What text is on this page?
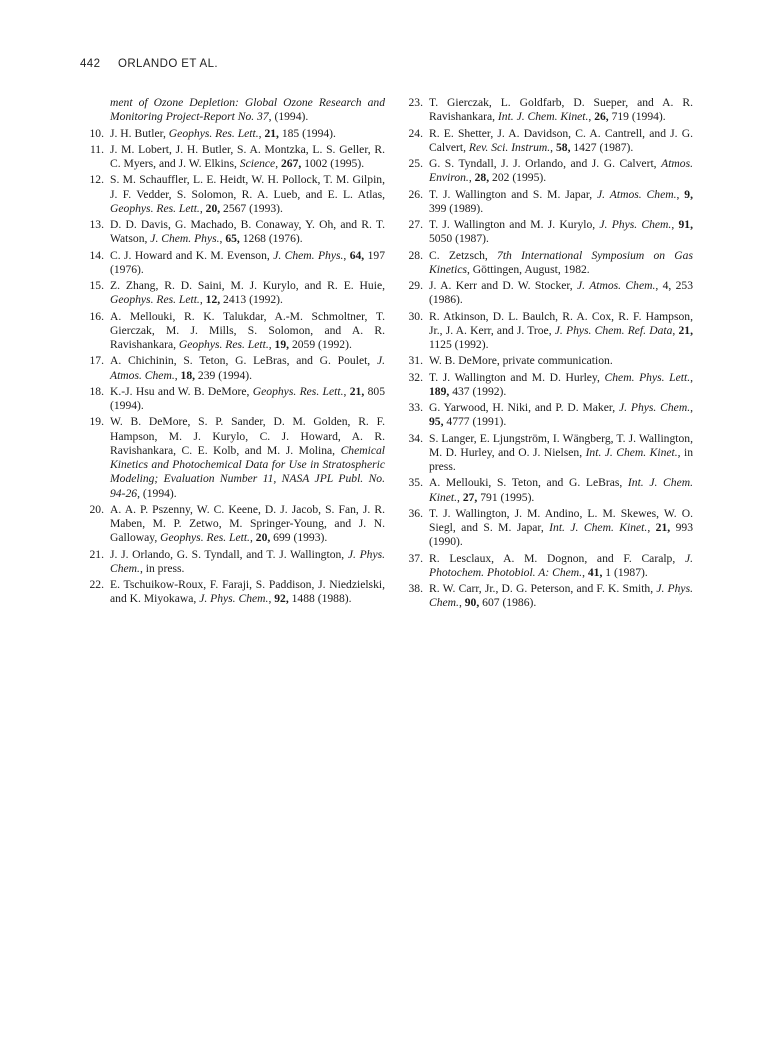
442 ORLANDO ET AL.
ment of Ozone Depletion: Global Ozone Research and Monitoring Project-Report No. 37, (1994).
10. J. H. Butler, Geophys. Res. Lett., 21, 185 (1994).
11. J. M. Lobert, J. H. Butler, S. A. Montzka, L. S. Geller, R. C. Myers, and J. W. Elkins, Science, 267, 1002 (1995).
12. S. M. Schauffler, L. E. Heidt, W. H. Pollock, T. M. Gilpin, J. F. Vedder, S. Solomon, R. A. Lueb, and E. L. Atlas, Geophys. Res. Lett., 20, 2567 (1993).
13. D. D. Davis, G. Machado, B. Conaway, Y. Oh, and R. T. Watson, J. Chem. Phys., 65, 1268 (1976).
14. C. J. Howard and K. M. Evenson, J. Chem. Phys., 64, 197 (1976).
15. Z. Zhang, R. D. Saini, M. J. Kurylo, and R. E. Huie, Geophys. Res. Lett., 12, 2413 (1992).
16. A. Mellouki, R. K. Talukdar, A.-M. Schmoltner, T. Gierczak, M. J. Mills, S. Solomon, and A. R. Ravishankara, Geophys. Res. Lett., 19, 2059 (1992).
17. A. Chichinin, S. Teton, G. LeBras, and G. Poulet, J. Atmos. Chem., 18, 239 (1994).
18. K.-J. Hsu and W. B. DeMore, Geophys. Res. Lett., 21, 805 (1994).
19. W. B. DeMore, S. P. Sander, D. M. Golden, R. F. Hampson, M. J. Kurylo, C. J. Howard, A. R. Ravishankara, C. E. Kolb, and M. J. Molina, Chemical Kinetics and Photochemical Data for Use in Stratospheric Modeling; Evaluation Number 11, NASA JPL Publ. No. 94-26, (1994).
20. A. A. P. Pszenny, W. C. Keene, D. J. Jacob, S. Fan, J. R. Maben, M. P. Zetwo, M. Springer-Young, and J. N. Galloway, Geophys. Res. Lett., 20, 699 (1993).
21. J. J. Orlando, G. S. Tyndall, and T. J. Wallington, J. Phys. Chem., in press.
22. E. Tschuikow-Roux, F. Faraji, S. Paddison, J. Niedzielski, and K. Miyokawa, J. Phys. Chem., 92, 1488 (1988).
23. T. Gierczak, L. Goldfarb, D. Sueper, and A. R. Ravishankara, Int. J. Chem. Kinet., 26, 719 (1994).
24. R. E. Shetter, J. A. Davidson, C. A. Cantrell, and J. G. Calvert, Rev. Sci. Instrum., 58, 1427 (1987).
25. G. S. Tyndall, J. J. Orlando, and J. G. Calvert, Atmos. Environ., 28, 202 (1995).
26. T. J. Wallington and S. M. Japar, J. Atmos. Chem., 9, 399 (1989).
27. T. J. Wallington and M. J. Kurylo, J. Phys. Chem., 91, 5050 (1987).
28. C. Zetzsch, 7th International Symposium on Gas Kinetics, Göttingen, August, 1982.
29. J. A. Kerr and D. W. Stocker, J. Atmos. Chem., 4, 253 (1986).
30. R. Atkinson, D. L. Baulch, R. A. Cox, R. F. Hampson, Jr., J. A. Kerr, and J. Troe, J. Phys. Chem. Ref. Data, 21, 1125 (1992).
31. W. B. DeMore, private communication.
32. T. J. Wallington and M. D. Hurley, Chem. Phys. Lett., 189, 437 (1992).
33. G. Yarwood, H. Niki, and P. D. Maker, J. Phys. Chem., 95, 4777 (1991).
34. S. Langer, E. Ljungström, I. Wängberg, T. J. Wallington, M. D. Hurley, and O. J. Nielsen, Int. J. Chem. Kinet., in press.
35. A. Mellouki, S. Teton, and G. LeBras, Int. J. Chem. Kinet., 27, 791 (1995).
36. T. J. Wallington, J. M. Andino, L. M. Skewes, W. O. Siegl, and S. M. Japar, Int. J. Chem. Kinet., 21, 993 (1990).
37. R. Lesclaux, A. M. Dognon, and F. Caralp, J. Photochem. Photobiol. A: Chem., 41, 1 (1987).
38. R. W. Carr, Jr., D. G. Peterson, and F. K. Smith, J. Phys. Chem., 90, 607 (1986).
